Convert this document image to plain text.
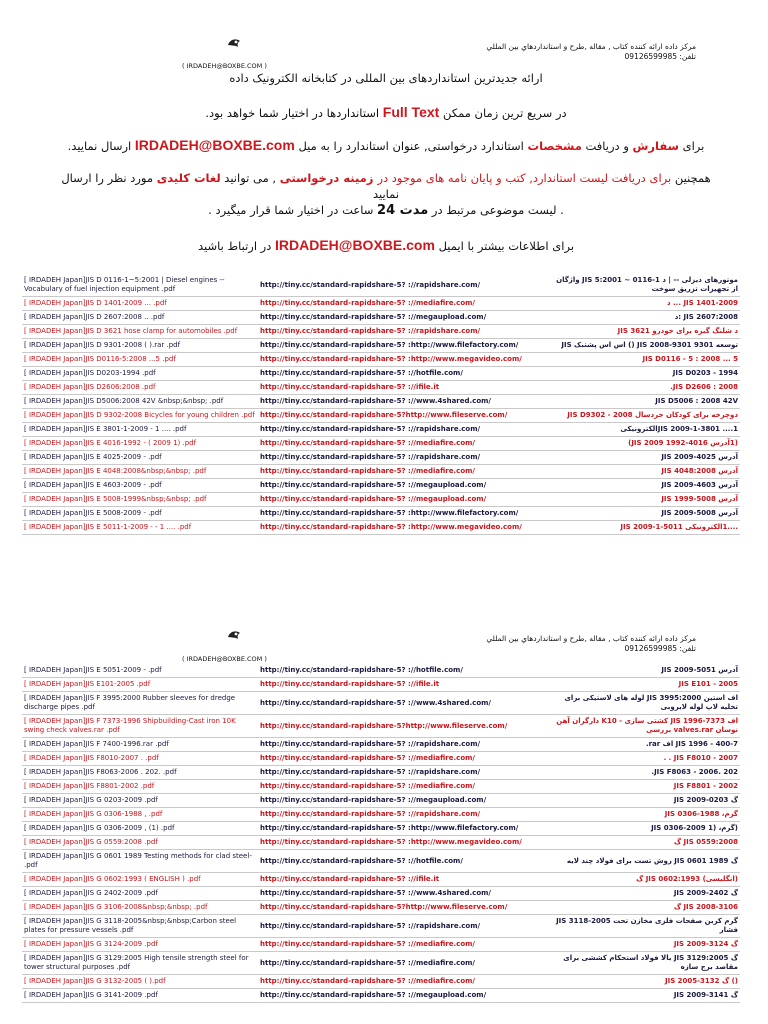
مرکز داده ارائه کننده کتاب , مقاله ,طرح و استانداردهاي بين المللي
تلفن: 09126599985
( IRDADEH@BOXBE.COM )

ارائه جدیدترین استانداردهای بین المللی در کتابخانه الکترونیک داده

در سریع ترین زمان ممکن Full Text استانداردها در اختیار شما خواهد بود.

برای سفارش و دریافت مشخصات استاندارد درخواستی, عنوان استاندارد را به میل IRDADEH@BOXBE.com ارسال نمایید.

همچنین برای دریافت لیست استاندارد, کتب و پایان نامه های موجود در زمینه درخواستی , می توانید لغات کلیدی مورد نظر را ارسال نمایید

. لیست موضوعی مرتبط در مدت 24 ساعت در اختیار شما قرار میگیرد .

برای اطلاعات بیشتر با ایمیل IRDADEH@BOXBE.com در ارتباط باشید

[ IRDADEH Japan]JIS D 0116-1~5:2001 | Diesel engines -- Vocabulary of fuel injection equipment .pdf	http://tiny.cc/standard-rapidshare-5? ://rapidshare.com/	موتورهای دیزلی -- | د 1-0116 ~ JIS 5:2001 واژگان از تجهیزات تزریق سوخت
[ IRDADEH Japan]JIS D 1401-2009 ... .pdf	http://tiny.cc/standard-rapidshare-5? ://mediafire.com/	JIS 1401-2009 ... د
[ IRDADEH Japan]JIS D 2607:2008 .. .pdf	http://tiny.cc/standard-rapidshare-5? ://megaupload.com/	JIS 2607:2008 :د
[ IRDADEH Japan]JIS D 3621 hose clamp for automobiles .pdf	http://tiny.cc/standard-rapidshare-5? ://rapidshare.com/	د شلنگ گیره برای خودرو JIS 3621
[ IRDADEH Japan]JIS D 9301-2008 ( ).rar .pdf	http://tiny.cc/standard-rapidshare-5? :http://www.filefactory.com/	توسعه 9301 JIS 2008-9301 () اس اس پشتبک JIS
[ IRDADEH Japan]JIS D0116-5:2008 ...5 .pdf	http://tiny.cc/standard-rapidshare-5? :http://www.megavideo.com/	JIS D0116 - 5 : 2008 ... 5
[ IRDADEH Japan]JIS D0203-1994 .pdf	http://tiny.cc/standard-rapidshare-5? ://hotfile.com/	JIS D0203 - 1994
[ IRDADEH Japan]JIS D2606:2008 .pdf	http://tiny.cc/standard-rapidshare-5? ://ifile.it	JIS D2606 : 2008.
[ IRDADEH Japan]JIS D5006:2008 42V &nbsp;&nbsp; .pdf	http://tiny.cc/standard-rapidshare-5? ://www.4shared.com/	JIS D5006 : 2008 42V
[ IRDADEH Japan]JIS D 9302-2008 Bicycles for young children .pdf	http://tiny.cc/standard-rapidshare-5?http://www.fileserve.com/	دوچرخه برای کودکان خردسال JIS D9302 - 2008
[ IRDADEH Japan]JIS E 3801-1-2009 - 1 .... .pdf	http://tiny.cc/standard-rapidshare-5? ://rapidshare.com/	JIS 2009-1-3801 ....1الکترونیکی
[ IRDADEH Japan]JIS E 4016-1992 - ( 2009 1) .pdf	http://tiny.cc/standard-rapidshare-5? ://mediafire.com/	(1آدرس 4016-1992 JIS 2009)
[ IRDADEH Japan]JIS E 4025-2009 - .pdf	http://tiny.cc/standard-rapidshare-5? ://rapidshare.com/	آدرس JIS 2009-4025
[ IRDADEH Japan]JIS E 4048:2008&nbsp;&nbsp; .pdf	http://tiny.cc/standard-rapidshare-5? ://mediafire.com/	آدرس JIS 4048:2008
[ IRDADEH Japan]JIS E 4603-2009 - .pdf	http://tiny.cc/standard-rapidshare-5? ://megaupload.com/	آدرس JIS 2009-4603
[ IRDADEH Japan]JIS E 5008-1999&nbsp;&nbsp; .pdf	http://tiny.cc/standard-rapidshare-5? ://megaupload.com/	آدرس JIS 1999-5008
[ IRDADEH Japan]JIS E 5008-2009 - .pdf	http://tiny.cc/standard-rapidshare-5? :http://www.filefactory.com/	آدرس JIS 2009-5008
[ IRDADEH Japan]JIS E 5011-1-2009 - - 1 .... .pdf	http://tiny.cc/standard-rapidshare-5? :http://www.megavideo.com/	....1الکترونیکی JIS 2009-1-5011
مرکز داده ارائه کننده کتاب , مقاله ,طرح و استانداردهاي بين المللي
تلفن: 09126599985
( IRDADEH@BOXBE.COM )
[ IRDADEH Japan]JIS E 5051-2009 - .pdf	http://tiny.cc/standard-rapidshare-5? ://hotfile.com/	آدرس JIS 2009-5051
[ IRDADEH Japan]JIS E101-2005 .pdf	http://tiny.cc/standard-rapidshare-5? ://ifile.it	JIS E101 - 2005
[ IRDADEH Japan]JIS F 3995:2000 Rubber sleeves for dredge discharge pipes .pdf	http://tiny.cc/standard-rapidshare-5? ://www.4shared.com/	اف استین 3995:2000 JIS لوله های لاستیکی برای تخلیه لاپ لوله لایروبی
[ IRDADEH Japan]JIS F 7373-1996 Shipbuilding-Cast iron 10K swing check valves.rar .pdf	http://tiny.cc/standard-rapidshare-5?http://www.fileserve.com/	اف 7373-1996 JIS کشتی سازی - K10 دارگران آهن نوسان valves.rar بررسی
[ IRDADEH Japan]JIS F 7400-1996.rar .pdf	http://tiny.cc/standard-rapidshare-5? ://rapidshare.com/	JIS 1996 - 400-7 اف rar.
[ IRDADEH Japan]JIS F8010-2007 . .pdf	http://tiny.cc/standard-rapidshare-5? ://mediafire.com/	JIS F8010 - 2007 . .
[ IRDADEH Japan]JIS F8063-2006 . 202. .pdf	http://tiny.cc/standard-rapidshare-5? ://rapidshare.com/	JIS F8063 - 2006. 202.
[ IRDADEH Japan]JIS F8801-2002 .pdf	http://tiny.cc/standard-rapidshare-5? ://mediafire.com/	JIS F8801 - 2002
[ IRDADEH Japan]JIS G 0203-2009 .pdf	http://tiny.cc/standard-rapidshare-5? ://megaupload.com/	گ JIS 2009-0203
[ IRDADEH Japan]JIS G 0306-1988 , .pdf	http://tiny.cc/standard-rapidshare-5? ://rapidshare.com/	گرم، JIS 0306-1988
[ IRDADEH Japan]JIS G 0306-2009 , (1) .pdf	http://tiny.cc/standard-rapidshare-5? :http://www.filefactory.com/	(گرم، (1 JIS 0306-2009
[ IRDADEH Japan]JIS G 0559:2008 .pdf	http://tiny.cc/standard-rapidshare-5? :http://www.megavideo.com/	JIS 0559:2008 گ
[ IRDADEH Japan]JIS G 0601 1989 Testing methods for clad steel- .pdf	http://tiny.cc/standard-rapidshare-5? ://hotfile.com/	گ JIS 0601 1989 روش تست برای فولاد چند لایه
[ IRDADEH Japan]JIS G 0602:1993 ( ENGLISH ) .pdf	http://tiny.cc/standard-rapidshare-5? ://ifile.it	(انگلیسی) JIS 0602:1993 گ
[ IRDADEH Japan]JIS G 2402-2009 .pdf	http://tiny.cc/standard-rapidshare-5? ://www.4shared.com/	گ JIS 2009-2402
[ IRDADEH Japan]JIS G 3106-2008&nbsp;&nbsp; .pdf	http://tiny.cc/standard-rapidshare-5?http://www.fileserve.com/	JIS 2008-3106 گ
[ IRDADEH Japan]JIS G 3118-2005&nbsp;&nbsp;Carbon steel plates for pressure vessels .pdf	http://tiny.cc/standard-rapidshare-5? ://rapidshare.com/	گرم کربن صفحات فلزی مخازن تحت JIS 3118-2005 فشار
[ IRDADEH Japan]JIS G 3124-2009 .pdf	http://tiny.cc/standard-rapidshare-5? ://mediafire.com/	گ JIS 2009-3124
[ IRDADEH Japan]JIS G 3129:2005 High tensile strength steel for tower structural purposes .pdf	http://tiny.cc/standard-rapidshare-5? ://mediafire.com/	گ JIS 3129:2005 بالا فولاد استحکام کششی برای مقاصد برج سازه
[ IRDADEH Japan]JIS G 3132-2005 ( ).pdf	http://tiny.cc/standard-rapidshare-5? ://mediafire.com/	() گ JIS 2005-3132
[ IRDADEH Japan]JIS G 3141-2009 .pdf	http://tiny.cc/standard-rapidshare-5? ://megaupload.com/	گ JIS 2009-3141
